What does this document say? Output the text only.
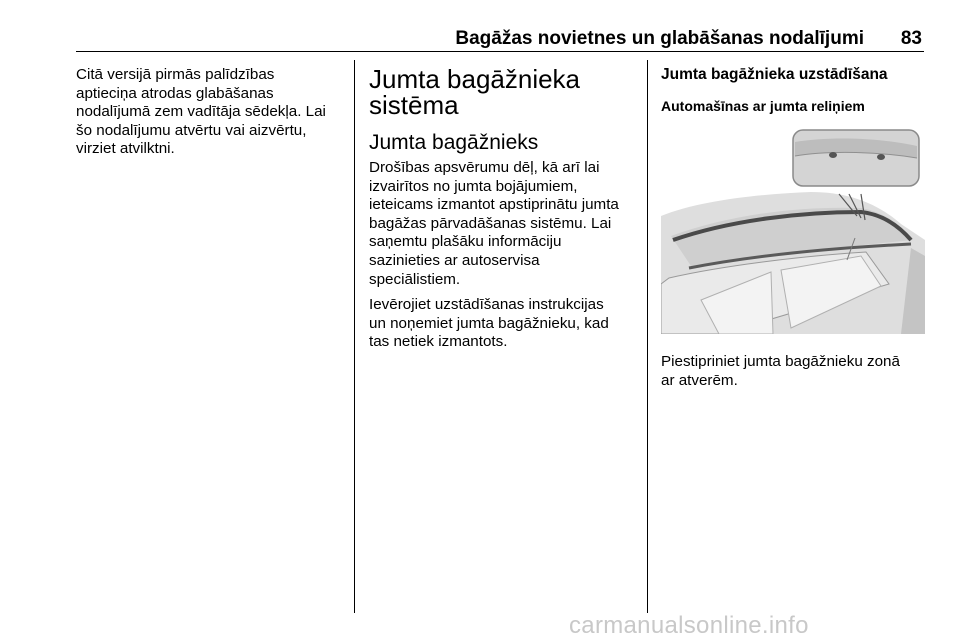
Bagāžas novietnes un glabāšanas nodalījumi 83

Citā versijā pirmās palīdzības
aptieciņa atrodas glabāšanas
nodalījumā zem vadītāja sēdekļa. Lai
šo nodalījumu atvērtu vai aizvērtu,
virziet atvilktni.

Jumta bagāžnieka
sistēma
Jumta bagāžnieks

Drošības apsvērumu dēļ, kā arī lai
izvairītos no jumta bojājumiem,
ieteicams izmantot apstiprinātu jumta
bagāžas pārvadāšanas sistēmu. Lai
saņemtu plašāku informāciju
sazinieties ar autoservisa
speciālistiem.

Ievērojiet uzstādīšanas instrukcijas
un noņemiet jumta bagāžnieku, kad
tas netiek izmantots.

Jumta bagāžnieka uzstādīšana
Automašīnas ar jumta reliņiem

Piestipriniet jumta bagāžnieku zonā
ar atverēm.

carmanualsonline.info
